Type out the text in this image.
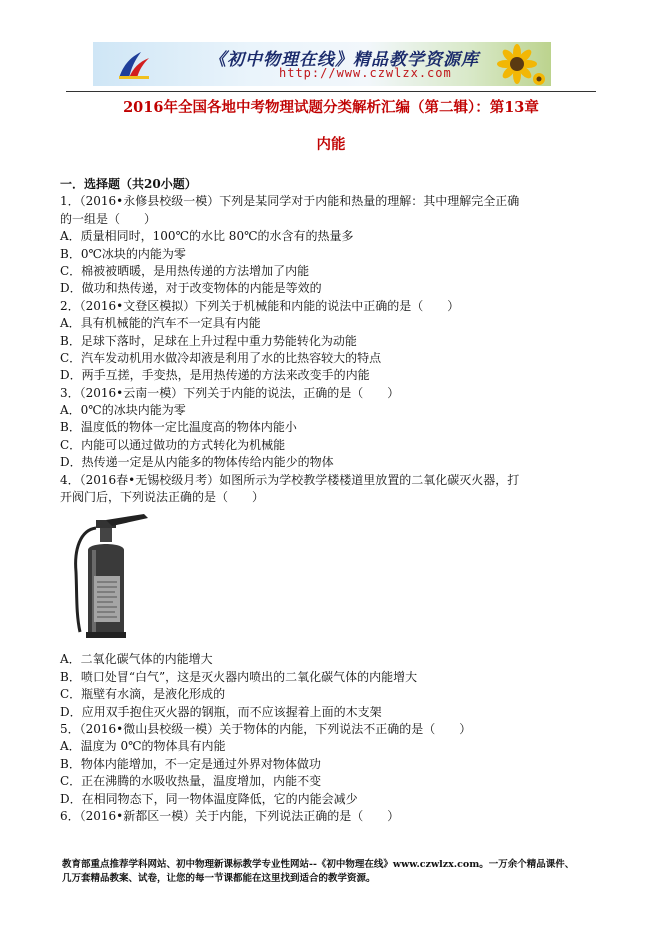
《初中物理在线》精品教学资源库
http://www.czwlzx.com
2016年全国各地中考物理试题分类解析汇编（第二辑）：第13章
内能
一．选择题（共20小题）
1．（2016•永修县校级一模）下列是某同学对于内能和热量的理解：其中理解完全正确
的一组是（　　）
A．质量相同时，100℃的水比 80℃的水含有的热量多
B．0℃冰块的内能为零
C．棉被被晒暖，是用热传递的方法增加了内能
D．做功和热传递，对于改变物体的内能是等效的
2．（2016•文登区模拟）下列关于机械能和内能的说法中正确的是（　　）
A．具有机械能的汽车不一定具有内能
B．足球下落时，足球在上升过程中重力势能转化为动能
C．汽车发动机用水做冷却液是利用了水的比热容较大的特点
D．两手互搓，手变热，是用热传递的方法来改变手的内能
3．（2016•云南一模）下列关于内能的说法，正确的是（　　）
A．0℃的冰块内能为零
B．温度低的物体一定比温度高的物体内能小
C．内能可以通过做功的方式转化为机械能
D．热传递一定是从内能多的物体传给内能少的物体
4．（2016春•无锡校级月考）如图所示为学校教学楼楼道里放置的二氧化碳灭火器，打
开阀门后，下列说法正确的是（　　）
A．二氧化碳气体的内能增大
B．喷口处冒“白气”，这是灭火器内喷出的二氧化碳气体的内能增大
C．瓶壁有水滴，是液化形成的
D．应用双手抱住灭火器的钢瓶，而不应该握着上面的木支架
5．（2016•微山县校级一模）关于物体的内能，下列说法不正确的是（　　）
A．温度为 0℃的物体具有内能
B．物体内能增加，不一定是通过外界对物体做功
C．正在沸腾的水吸收热量，温度增加，内能不变
D．在相同物态下，同一物体温度降低，它的内能会减少
6．（2016•新都区一模）关于内能，下列说法正确的是（　　）
教育部重点推荐学科网站、初中物理新课标教学专业性网站--《初中物理在线》www.czwlzx.com。一万余个精品课件、
几万套精品教案、试卷，让您的每一节课都能在这里找到适合的教学资源。
